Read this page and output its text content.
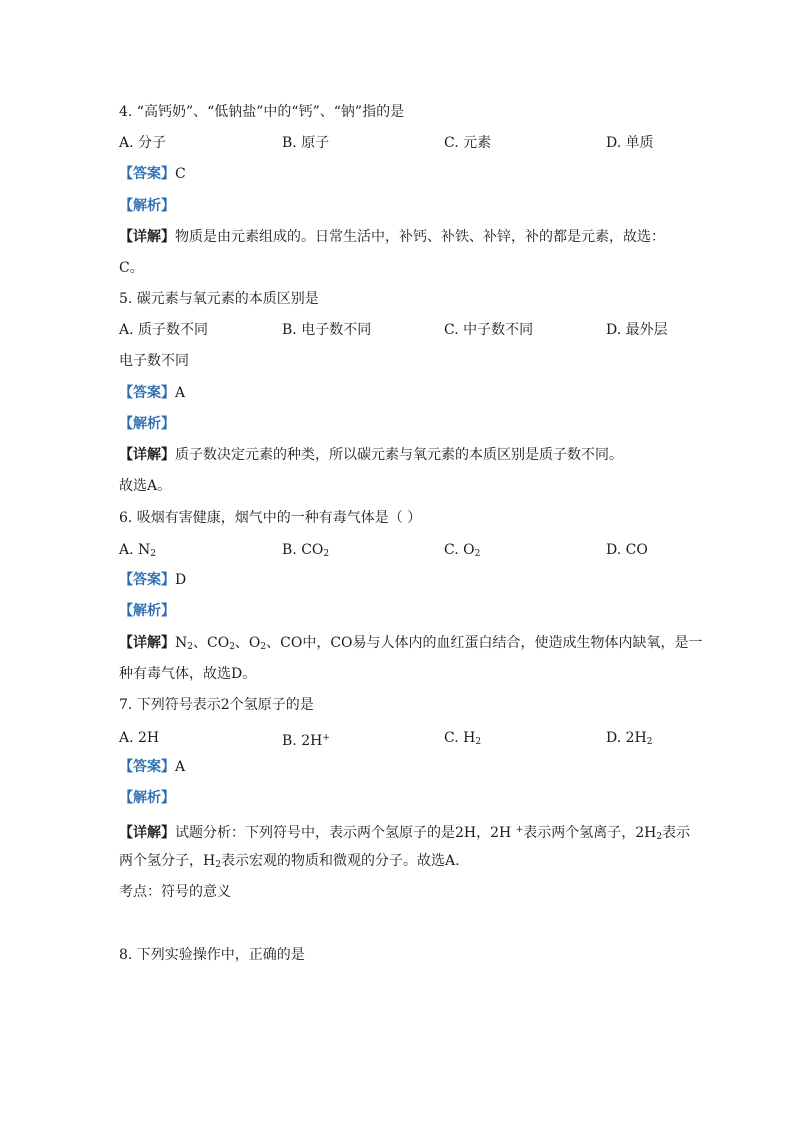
4. “高钙奶”、“低钠盐”中的“钙”、“钠”指的是
A. 分子	B. 原子	C. 元素	D. 单质
【答案】C
【解析】
【详解】物质是由元素组成的。日常生活中，补钙、补铁、补锌，补的都是元素，故选：
C。
5. 碳元素与氧元素的本质区别是
A. 质子数不同	B. 电子数不同	C. 中子数不同	D. 最外层
电子数不同
【答案】A
【解析】
【详解】质子数决定元素的种类，所以碳元素与氧元素的本质区别是质子数不同。
故选A。
6. 吸烟有害健康，烟气中的一种有毒气体是（ ）
A. $N_2$	B. $CO_2$	C. $O_2$	D. CO
【答案】D
【解析】
【详解】$N_2$、$CO_2$、$O_2$、CO中，CO易与人体内的血红蛋白结合，使造成生物体内缺氧，是一
种有毒气体，故选D。
7. 下列符号表示2个氢原子的是
A. 2H	B. 2H+	C. $H_2$	D. $2H_2$
【答案】A
【解析】
【详解】试题分析：下列符号中，表示两个氢原子的是2H，2H +表示两个氢离子，$2H_2$表示
两个氢分子，$H_2$表示宏观的物质和微观的分子。故选A.
考点：符号的意义
8. 下列实验操作中，正确的是
